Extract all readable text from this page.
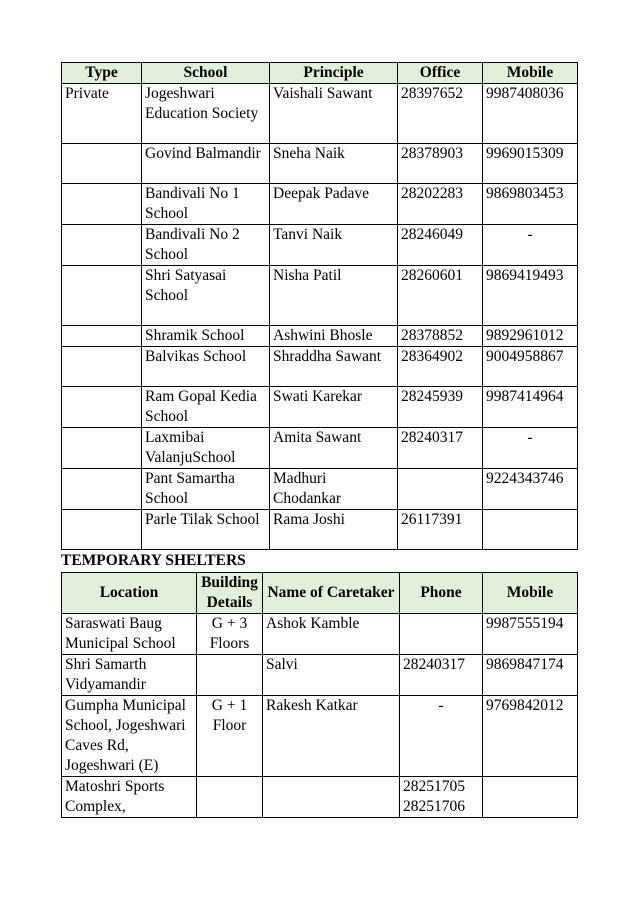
Type	School	Principle	Office	Mobile
Private	Jogeshwari Education Society	Vaishali Sawant	28397652	9987408036
	Govind Balmandir	Sneha Naik	28378903	9969015309
	Bandivali No 1 School	Deepak Padave	28202283	9869803453
	Bandivali No 2 School	Tanvi Naik	28246049	-
	Shri Satyasai School	Nisha Patil	28260601	9869419493
	Shramik School	Ashwini Bhosle	28378852	9892961012
	Balvikas School	Shraddha Sawant	28364902	9004958867
	Ram Gopal Kedia School	Swati Karekar	28245939	9987414964
	Laxmibai ValanjuSchool	Amita Sawant	28240317	-
	Pant Samartha School	Madhuri Chodankar		9224343746
	Parle Tilak School	Rama Joshi	26117391	
TEMPORARY SHELTERS
Location	Building Details	Name of Caretaker	Phone	Mobile
Saraswati Baug Municipal School	G + 3 Floors	Ashok Kamble		9987555194
Shri Samarth Vidyamandir		Salvi	28240317	9869847174
Gumpha Municipal School, Jogeshwari Caves Rd, Jogeshwari (E)	G + 1 Floor	Rakesh Katkar	-	9769842012
Matoshri Sports Complex,			28251705 28251706	
